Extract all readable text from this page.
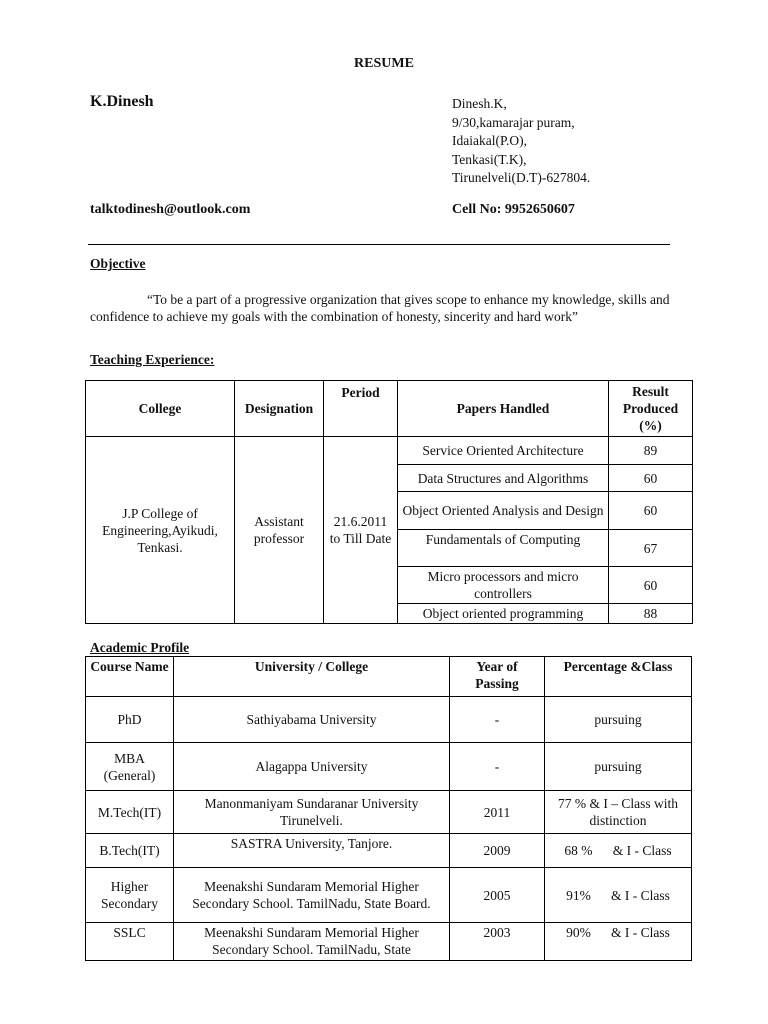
RESUME
K.Dinesh	Dinesh.K,
9/30,kamarajar puram,
Idaiakal(P.O),
Tenkasi(T.K),
Tirunelveli(D.T)-627804.
talktodinesh@outlook.com	Cell No: 9952650607
Objective
“To be a part of a progressive organization that gives scope to enhance my knowledge, skills and confidence to achieve my goals with the combination of honesty, sincerity and hard work”
Teaching Experience:
College	Designation	Period	Papers Handled	Result Produced (%)
J.P College of Engineering,Ayikudi, Tenkasi.	Assistant professor	21.6.2011 to Till Date	Service Oriented Architecture	89
			Data Structures and Algorithms	60
			Object Oriented Analysis and Design	60
			Fundamentals of Computing	67
			Micro processors and micro controllers	60
			Object oriented programming	88
Academic Profile
Course Name	University / College	Year of Passing	Percentage &Class
PhD	Sathiyabama University	-	pursuing
MBA (General)	Alagappa University	-	pursuing
M.Tech(IT)	Manonmaniyam Sundaranar University Tirunelveli.	2011	77 % & I – Class with distinction
B.Tech(IT)	SASTRA University, Tanjore.	2009	68 %      & I - Class
Higher Secondary	Meenakshi Sundaram Memorial Higher Secondary School. TamilNadu, State Board.	2005	91%      & I - Class
SSLC	Meenakshi Sundaram Memorial Higher Secondary School. TamilNadu, State	2003	90%      & I - Class
